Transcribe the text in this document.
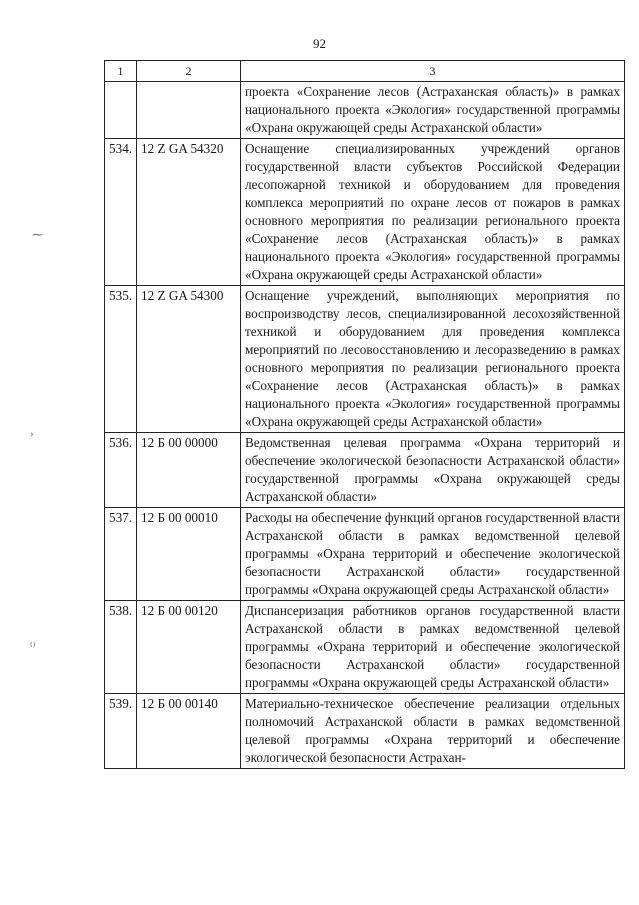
92
⁓
›
⁽⁾
1	2	3
		проекта «Сохранение лесов (Астраханская область)» в рамках национального проекта «Экология» государственной программы «Охрана окружающей среды Астраханской области»
534.	12 Z GA 54320	Оснащение специализированных учреждений органов государственной власти субъектов Российской Федерации лесопожарной техникой и оборудованием для проведения комплекса мероприятий по охране лесов от пожаров в рамках основного мероприятия по реализации регионального проекта «Сохранение лесов (Астраханская область)» в рамках национального проекта «Экология» государственной программы «Охрана окружающей среды Астраханской области»
535.	12 Z GA 54300	Оснащение учреждений, выполняющих мероприятия по воспроизводству лесов, специализированной лесохозяйственной техникой и оборудованием для проведения комплекса мероприятий по лесовосстановлению и лесоразведению в рамках основного мероприятия по реализации регионального проекта «Сохранение лесов (Астраханская область)» в рамках национального проекта «Экология» государственной программы «Охрана окружающей среды Астраханской области»
536.	12 Б 00 00000	Ведомственная целевая программа «Охрана территорий и обеспечение экологической безопасности Астраханской области» государственной программы «Охрана окружающей среды Астраханской области»
537.	12 Б 00 00010	Расходы на обеспечение функций органов государственной власти Астраханской области в рамках ведомственной целевой программы «Охрана территорий и обеспечение экологической безопасности Астраханской области» государственной программы «Охрана окружающей среды Астраханской области»
538.	12 Б 00 00120	Диспансеризация работников органов государственной власти Астраханской области в рамках ведомственной целевой программы «Охрана территорий и обеспечение экологической безопасности Астраханской области» государственной программы «Охрана окружающей среды Астраханской области»
539.	12 Б 00 00140	Материально-техническое обеспечение реализации отдельных полномочий Астраханской области в рамках ведомственной целевой программы «Охрана территорий и обеспечение экологической безопасности Астрахан-
